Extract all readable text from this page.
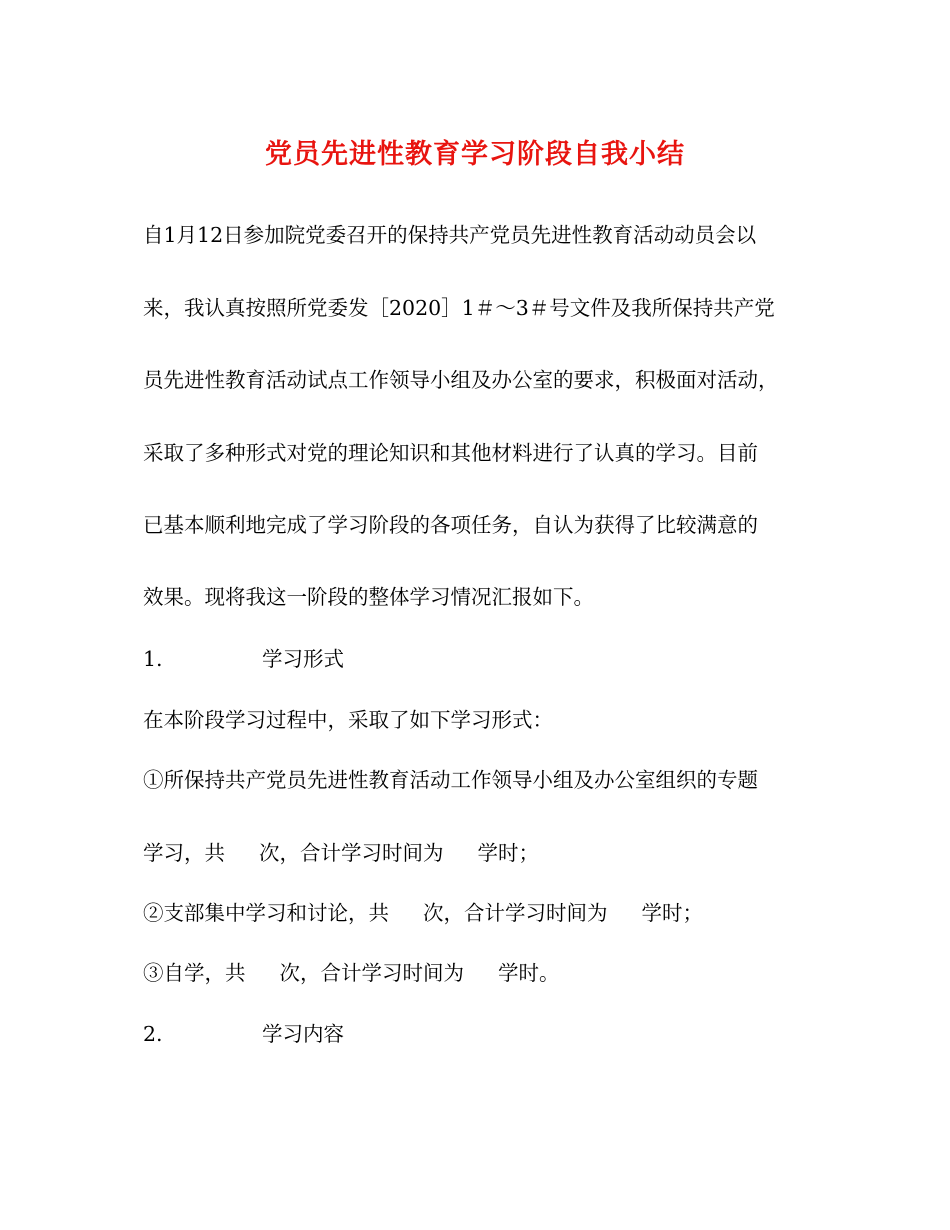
党员先进性教育学习阶段自我小结
自1月12日参加院党委召开的保持共产党员先进性教育活动动员会以
来，我认真按照所党委发［2020］1＃～3＃号文件及我所保持共产党
员先进性教育活动试点工作领导小组及办公室的要求，积极面对活动，
采取了多种形式对党的理论知识和其他材料进行了认真的学习。目前
已基本顺利地完成了学习阶段的各项任务，自认为获得了比较满意的
效果。现将我这一阶段的整体学习情况汇报如下。
1.	学习形式
在本阶段学习过程中，采取了如下学习形式：
①所保持共产党员先进性教育活动工作领导小组及办公室组织的专题
学习，共 次，合计学习时间为 学时；
②支部集中学习和讨论，共 次，合计学习时间为 学时；
③自学，共 次，合计学习时间为 学时。
2.	学习内容
